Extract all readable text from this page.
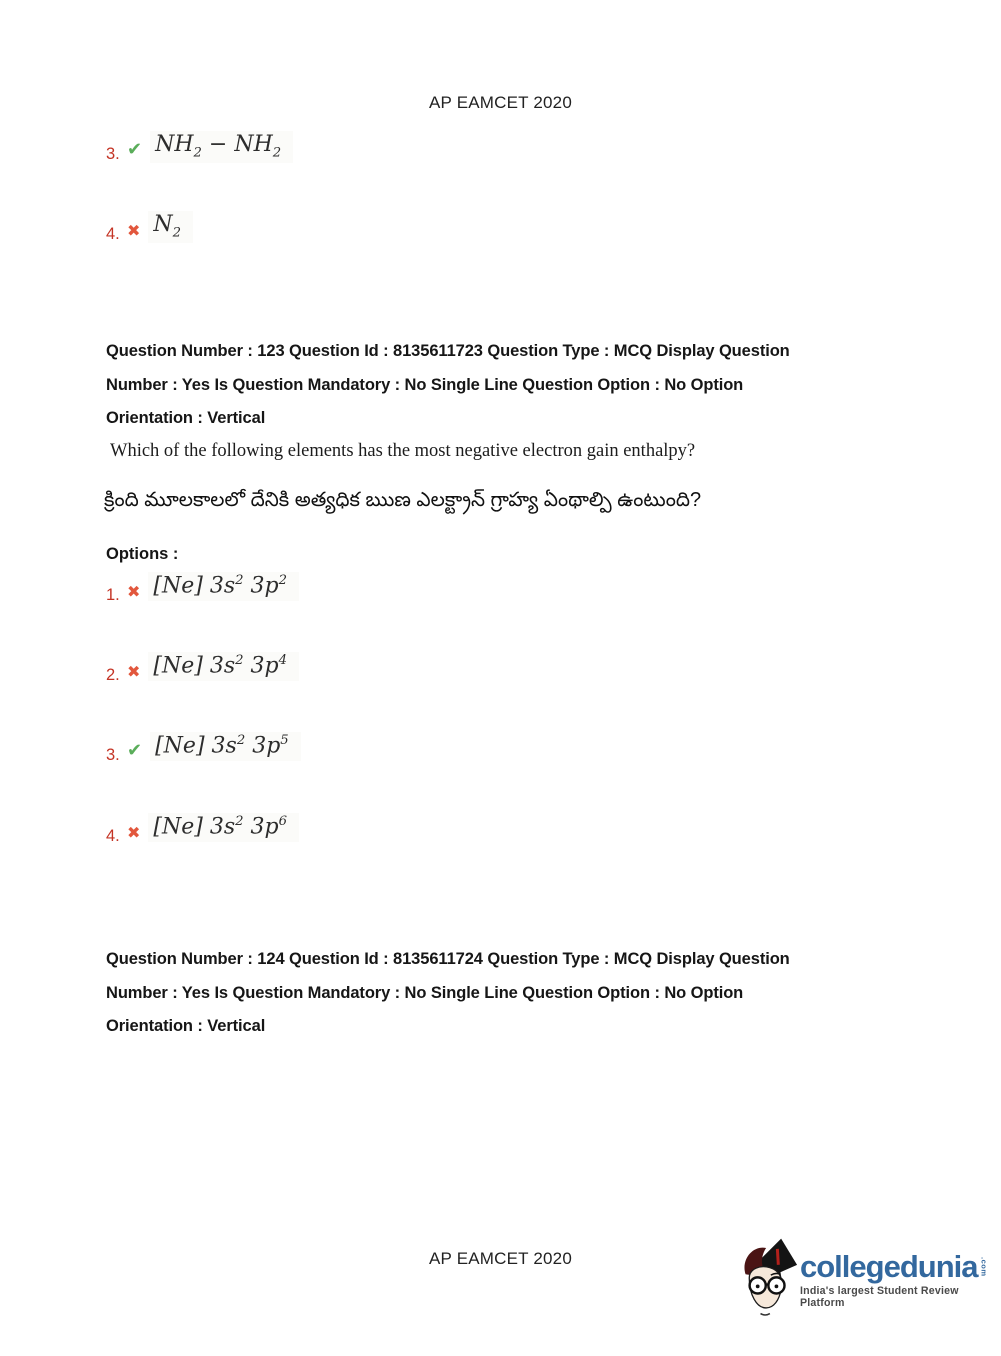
AP EAMCET 2020
3. ✔ $NH_2 - NH_2$
4. ✖ $N_2$
Question Number : 123 Question Id : 8135611723 Question Type : MCQ Display Question
Number : Yes Is Question Mandatory : No Single Line Question Option : No Option
Orientation : Vertical
Which of the following elements has the most negative electron gain enthalpy?
క్రింది మూలకాలలో దేనికి అత్యధిక ఋణ ఎలక్ట్రాన్ గ్రాహ్య ఏంథాల్పి ఉంటుంది?
Options :
1. ✖ [Ne] $3s^2$ $3p^2$
2. ✖ [Ne] $3s^2$ $3p^4$
3. ✔ [Ne] $3s^2$ $3p^5$
4. ✖ [Ne] $3s^2$ $3p^6$
Question Number : 124 Question Id : 8135611724 Question Type : MCQ Display Question
Number : Yes Is Question Mandatory : No Single Line Question Option : No Option
Orientation : Vertical
AP EAMCET 2020	collegedunia .com
India's largest Student Review Platform
